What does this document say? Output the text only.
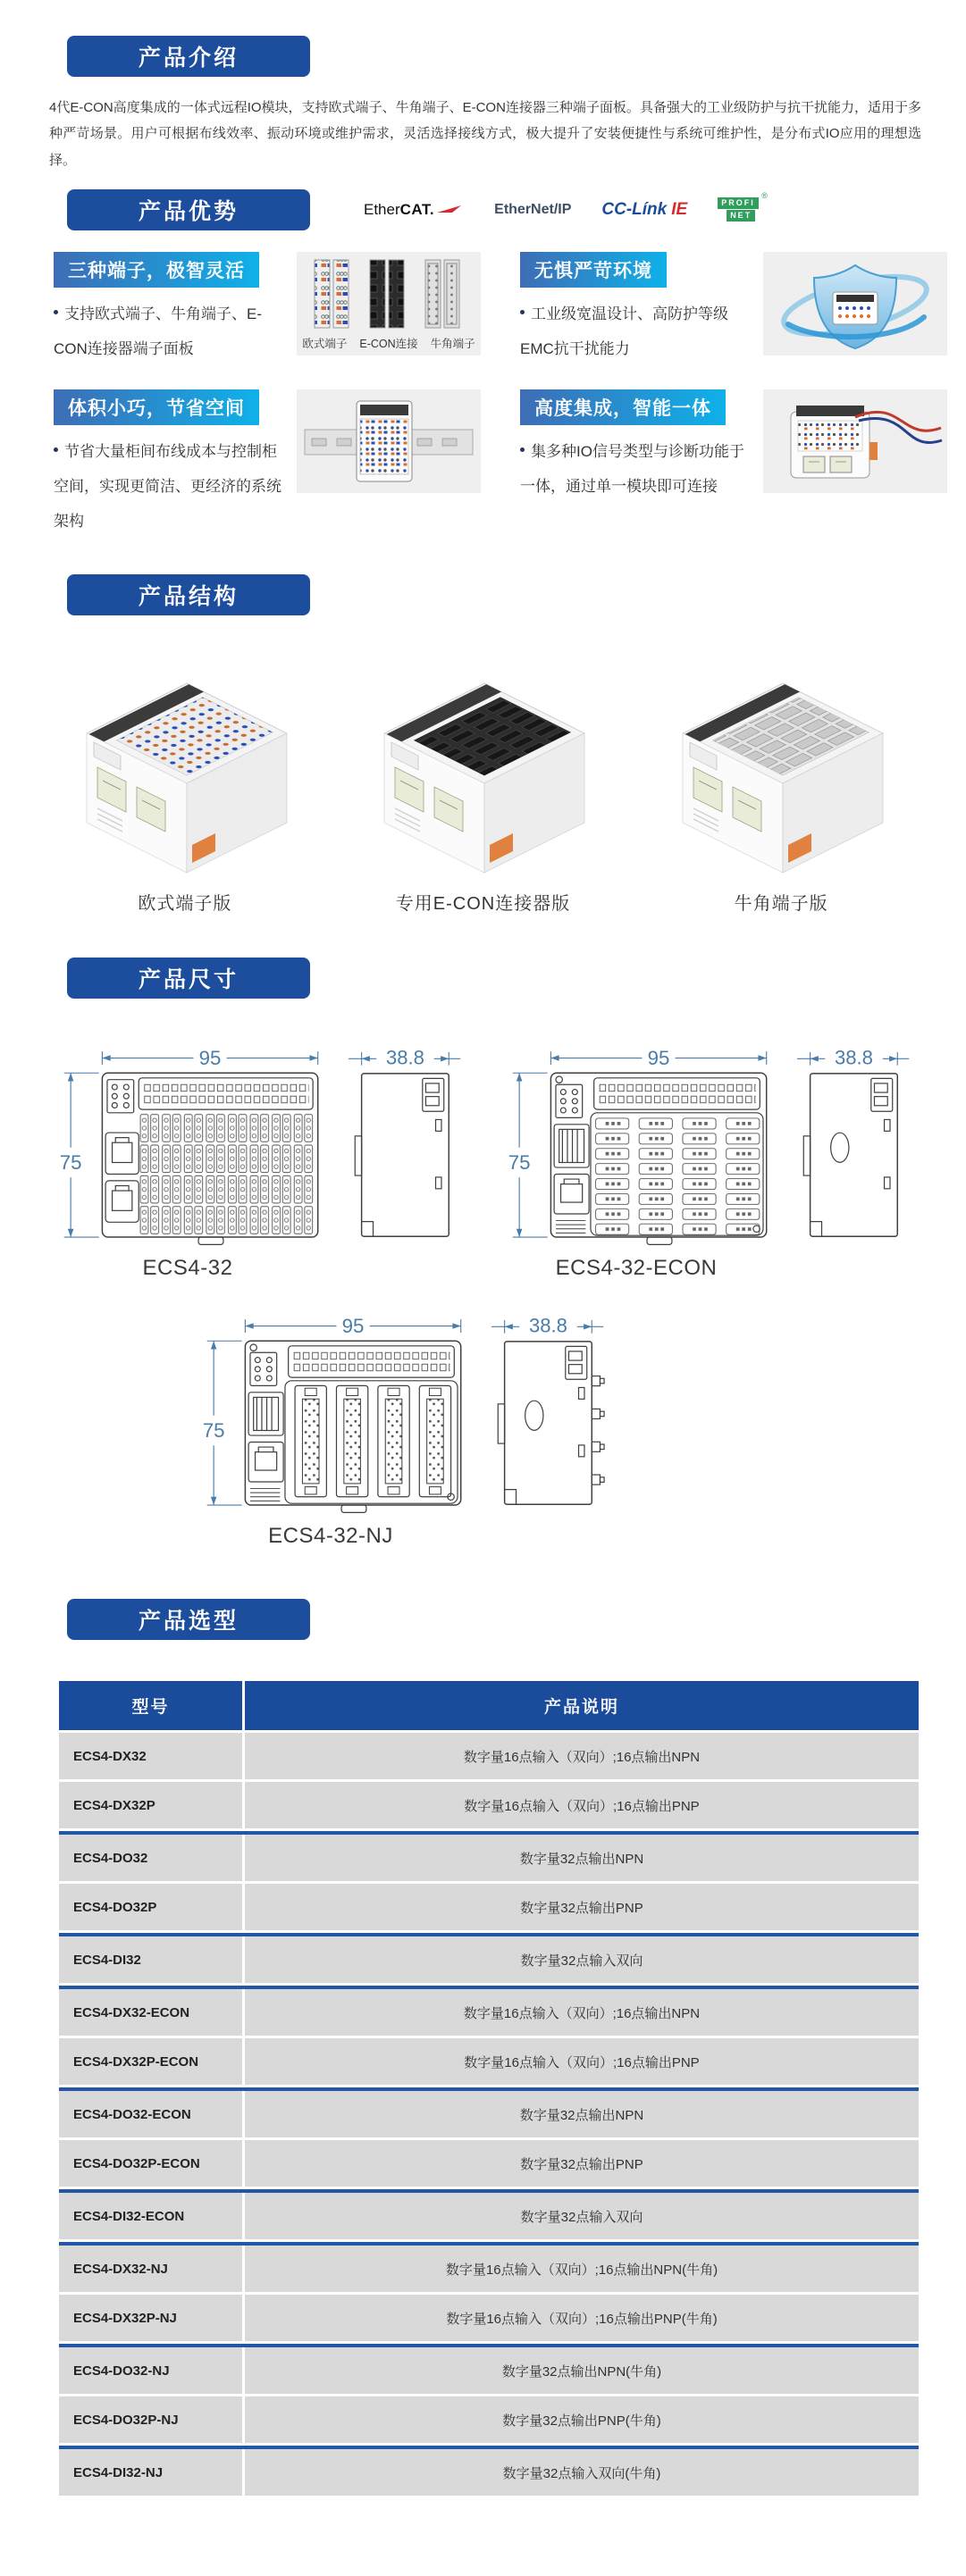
产品介绍
4代E-CON高度集成的一体式远程IO模块，支持欧式端子、牛角端子、E-CON连接器三种端子面板。具备强大的工业级防护与抗干扰能力，适用于多种严苛场景。用户可根据布线效率、振动环境或维护需求，灵活选择接线方式，极大提升了安装便捷性与系统可维护性，是分布式IO应用的理想选择。
产品优势	Ether CAT.	EtherNet/IP CC-Línk IE
®
PROFI
NET
三种端子，极智灵活
支持欧式端子、牛角端子、E-CON连接器端子面板	欧式端子 E-CON连接 牛角端子
无惧严苛环境
工业级宽温设计、高防护等级EMC抗干扰能力
体积小巧，节省空间
节省大量柜间布线成本与控制柜空间，实现更简洁、更经济的系统架构
高度集成，智能一体
集多种IO信号类型与诊断功能于一体，通过单一模块即可连接
产品结构
欧式端子版	专用E-CON连接器版	牛角端子版
产品尺寸
95
75
ECS4-32
38.8	95
75
ECS4-32-ECON
38.8
95
75
ECS4-32-NJ
38.8
产品选型
型号	产品说明
ECS4-DX32	数字量16点输入（双向）;16点输出NPN
ECS4-DX32P	数字量16点输入（双向）;16点输出PNP
ECS4-DO32	数字量32点输出NPN
ECS4-DO32P	数字量32点输出PNP
ECS4-DI32	数字量32点输入双向
ECS4-DX32-ECON	数字量16点输入（双向）;16点输出NPN
ECS4-DX32P-ECON	数字量16点输入（双向）;16点输出PNP
ECS4-DO32-ECON	数字量32点输出NPN
ECS4-DO32P-ECON	数字量32点输出PNP
ECS4-DI32-ECON	数字量32点输入双向
ECS4-DX32-NJ	数字量16点输入（双向）;16点输出NPN(牛角)
ECS4-DX32P-NJ	数字量16点输入（双向）;16点输出PNP(牛角)
ECS4-DO32-NJ	数字量32点输出NPN(牛角)
ECS4-DO32P-NJ	数字量32点输出PNP(牛角)
ECS4-DI32-NJ	数字量32点输入双向(牛角)
